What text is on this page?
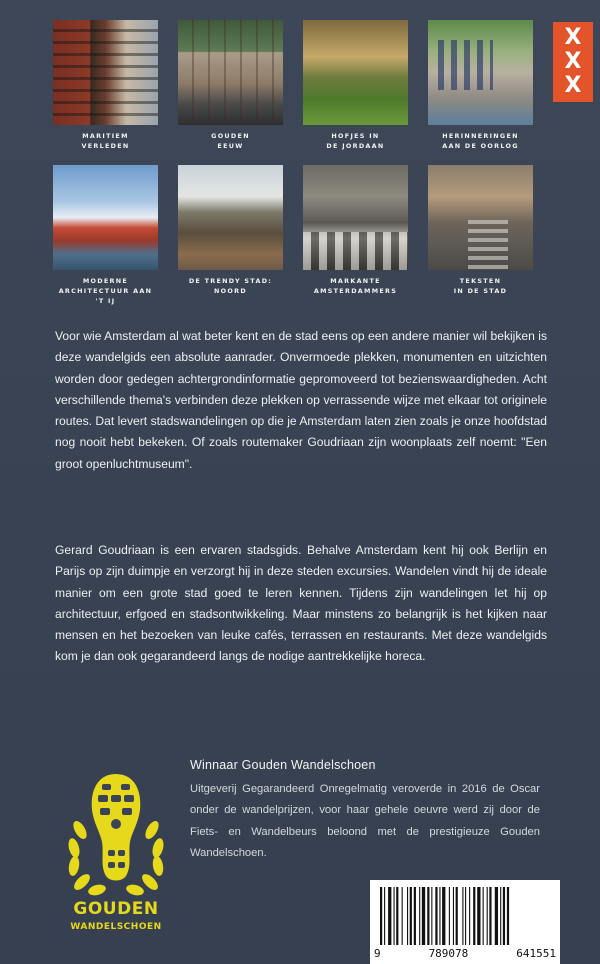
X
X
X
MARITIEM
VERLEDEN
GOUDEN
EEUW
HOFJES IN
DE JORDAAN
HERINNERINGEN
AAN DE OORLOG
MODERNE
ARCHITECTUUR AAN 'T IJ
DE TRENDY STAD:
NOORD
MARKANTE
AMSTERDAMMERS
TEKSTEN
IN DE STAD

Voor wie Amsterdam al wat beter kent en de stad eens op een andere manier wil bekijken is deze wandelgids een absolute aanrader. Onvermoede plekken, monumenten en uitzichten worden door gedegen achtergrondinformatie gepromoveerd tot bezienswaardigheden. Acht verschillende thema's verbinden deze plekken op verrassende wijze met elkaar tot originele routes. Dat levert stadswandelingen op die je Amsterdam laten zien zoals je onze hoofdstad nog nooit hebt bekeken. Of zoals routemaker Goudriaan zijn woonplaats zelf noemt: "Een groot openluchtmuseum".

Gerard Goudriaan is een ervaren stadsgids. Behalve Amsterdam kent hij ook Berlijn en Parijs op zijn duimpje en verzorgt hij in deze steden excursies. Wandelen vindt hij de ideale manier om een grote stad goed te leren kennen. Tijdens zijn wandelingen let hij op architectuur, erfgoed en stadsontwikkeling. Maar minstens zo belangrijk is het kijken naar mensen en het bezoeken van leuke cafés, terrassen en restaurants. Met deze wandelgids kom je dan ook gegarandeerd langs de nodige aantrekkelijke horeca.

GOUDEN
WANDELSCHOEN
Winnaar Gouden Wandelschoen

Uitgeverij Gegarandeerd Onregelmatig veroverde in 2016 de Oscar onder de wandelprijzen, voor haar gehele oeuvre werd zij door de Fiets- en Wandelbeurs beloond met de prestigieuze Gouden Wandelschoen.

9	789078	641551
